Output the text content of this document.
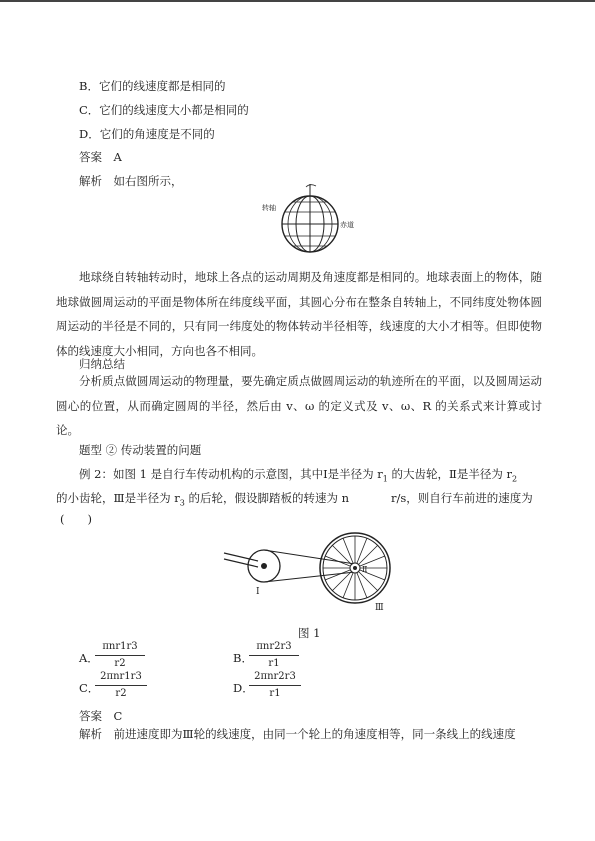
B．它们的线速度都是相同的
C．它们的线速度大小都是相同的
D．它们的角速度是不同的
答案　A
解析　如右图所示，
转轴
赤道

地球绕自转轴转动时，地球上各点的运动周期及角速度都是相同的。地球表面上的物体，随地球做圆周运动的平面是物体所在纬度线平面，其圆心分布在整条自转轴上，不同纬度处物体圆周运动的半径是不同的，只有同一纬度处的物体转动半径相等，线速度的大小才相等。但即使物体的线速度大小相同，方向也各不相同。

归纳总结

分析质点做圆周运动的物理量，要先确定质点做圆周运动的轨迹所在的平面，以及圆周运动圆心的位置，从而确定圆周的半径，然后由 v、ω 的定义式及 v、ω、R 的关系式来计算或讨论。

题型 ② 传动装置的问题
例 2：如图 1 是自行车传动机构的示意图，其中Ⅰ是半径为 $r_1$ 的大齿轮，Ⅱ是半径为 $r_2$
的小齿轮，Ⅲ是半径为 $r_3$ 的后轮，假设脚踏板的转速为 n	r/s，则自行车前进的速度为
(　　)
Ⅰ
Ⅱ
Ⅲ
图 1
A．
πnr1r3
r2	B．
πnr2r3
r1
C．
2πnr1r3
r2	D．
2πnr2r3
r1
答案　C
解析　前进速度即为Ⅲ轮的线速度，由同一个轮上的角速度相等，同一条线上的线速度
